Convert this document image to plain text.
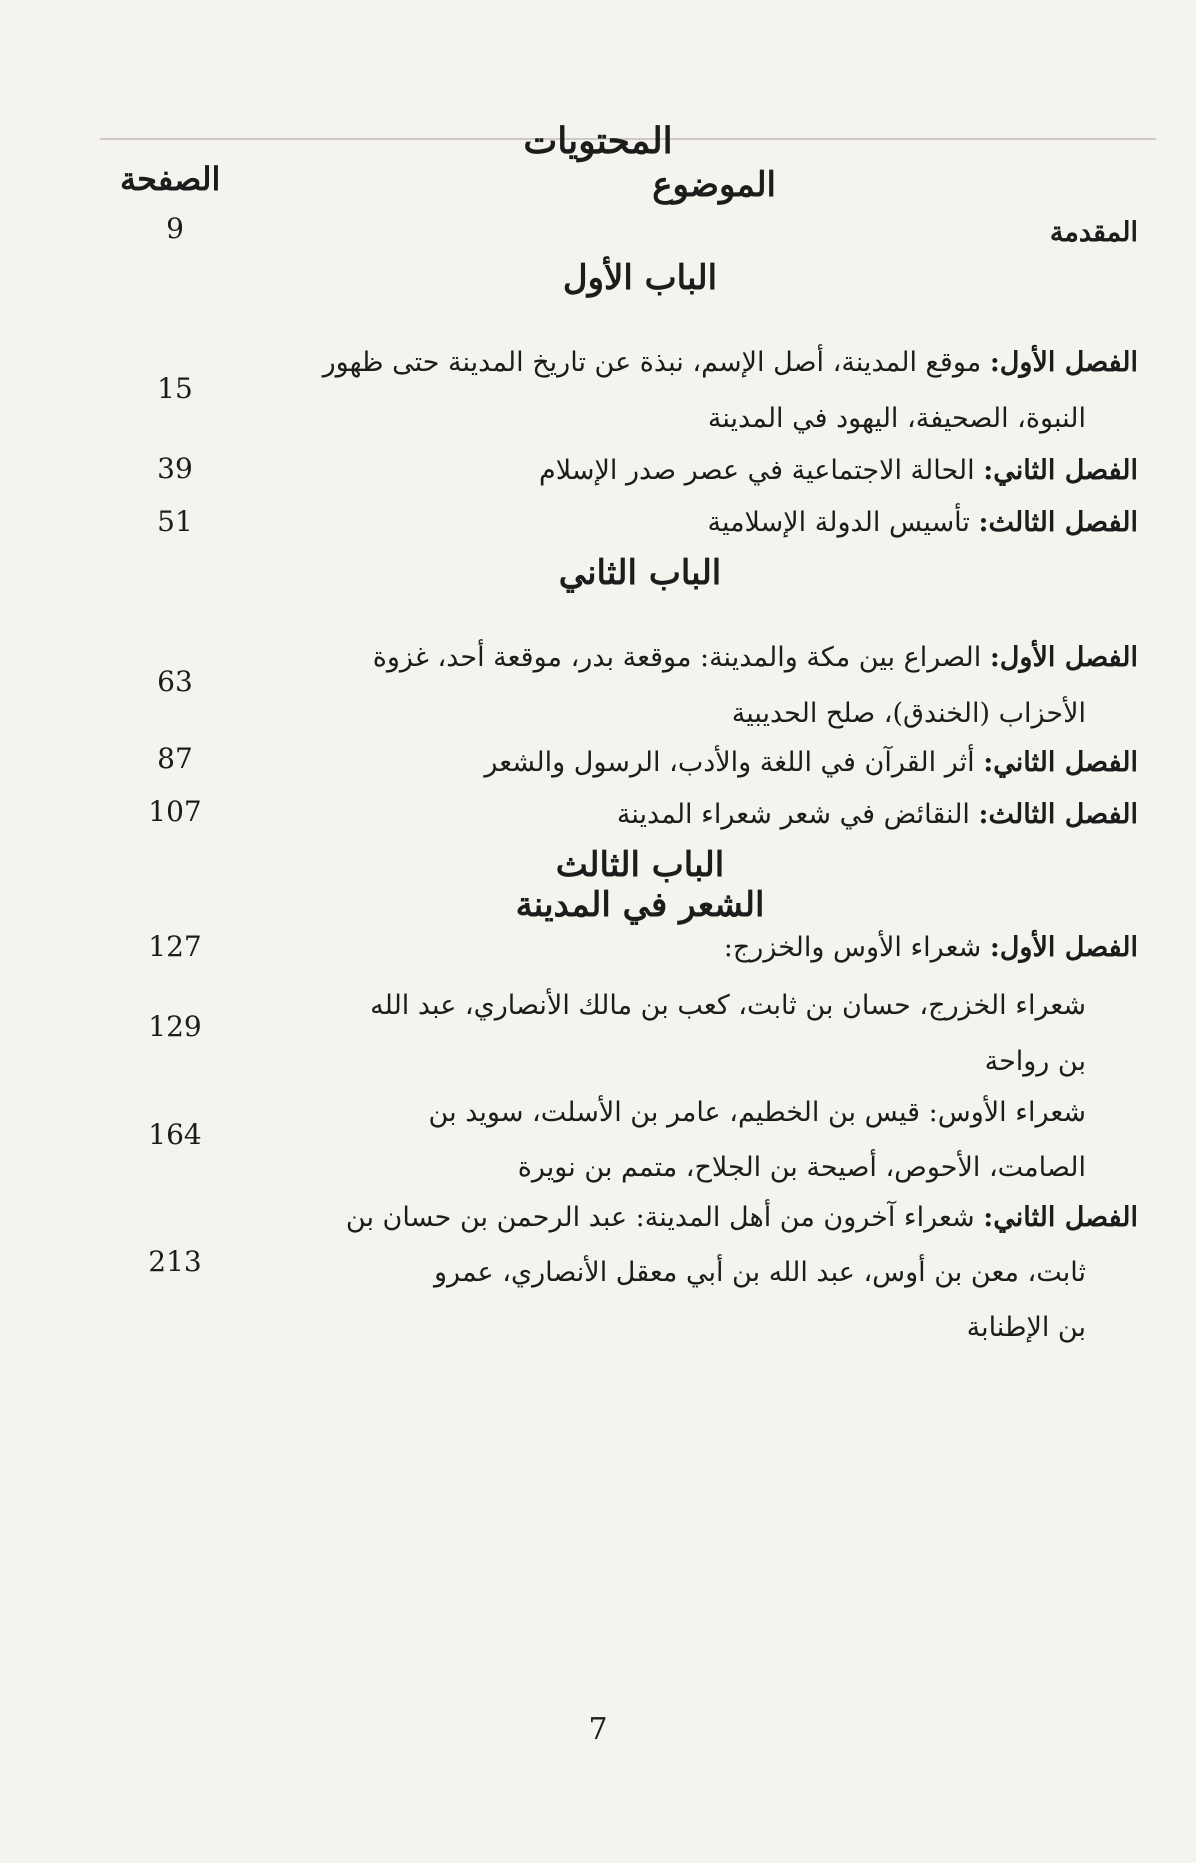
المحتويات
الموضوع
الصفحة
المقدمة
9
الباب الأول
الفصل الأول: موقع المدينة، أصل الإسم، نبذة عن تاريخ المدينة حتى ظهور
النبوة، الصحيفة، اليهود في المدينة
15
الفصل الثاني: الحالة الاجتماعية في عصر صدر الإسلام
39
الفصل الثالث: تأسيس الدولة الإسلامية
51
الباب الثاني
الفصل الأول: الصراع بين مكة والمدينة: موقعة بدر، موقعة أحد، غزوة
الأحزاب (الخندق)، صلح الحديبية
63
الفصل الثاني: أثر القرآن في اللغة والأدب، الرسول والشعر
87
الفصل الثالث: النقائض في شعر شعراء المدينة
107
الباب الثالث
الشعر في المدينة
الفصل الأول: شعراء الأوس والخزرج:
127
شعراء الخزرج، حسان بن ثابت، كعب بن مالك الأنصاري، عبد الله
بن رواحة
129
شعراء الأوس: قيس بن الخطيم، عامر بن الأسلت، سويد بن
الصامت، الأحوص، أصيحة بن الجلاح، متمم بن نويرة
164
الفصل الثاني: شعراء آخرون من أهل المدينة: عبد الرحمن بن حسان بن
ثابت، معن بن أوس، عبد الله بن أبي معقل الأنصاري، عمرو
بن الإطنابة
213
7
